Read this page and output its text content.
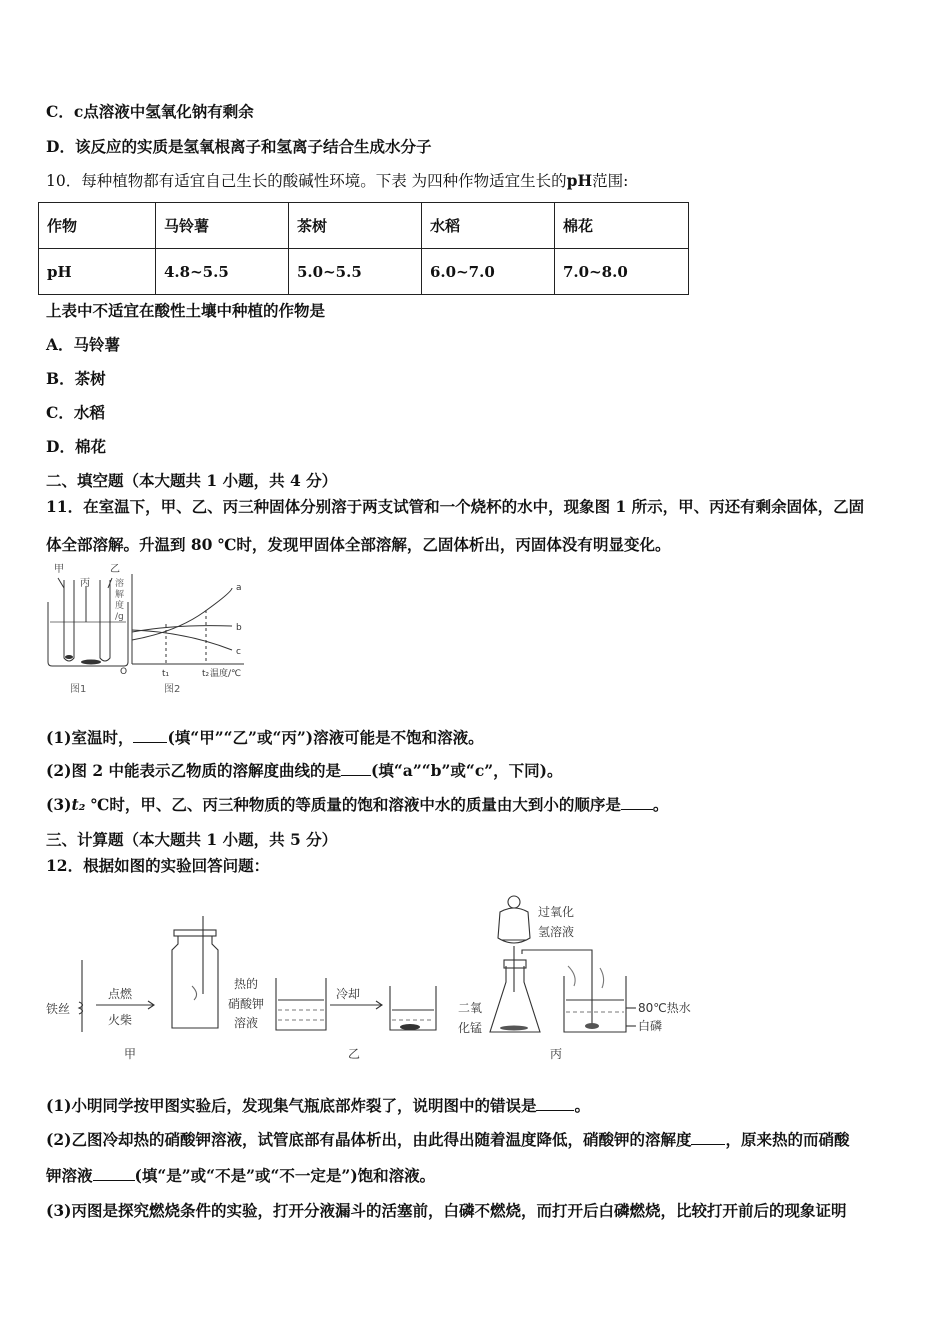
C．c点溶液中氢氧化钠有剩余
D．该反应的实质是氢氧根离子和氢离子结合生成水分子
10．每种植物都有适宜自己生长的酸碱性环境。下表 为四种作物适宜生长的pH范围:
作物	马铃薯	茶树	水稻	棉花
pH	4.8~5.5	5.0~5.5	6.0~7.0	7.0~8.0
上表中不适宜在酸性土壤中种植的作物是
A．马铃薯
B．茶树
C．水稻
D．棉花
二、填空题（本大题共 1 小题，共 4 分）
11．在室温下，甲、乙、丙三种固体分别溶于两支试管和一个烧杯的水中，现象图 1 所示，甲、丙还有剩余固体，乙固
体全部溶解。升温到 80 ℃时，发现甲固体全部溶解，乙固体析出，丙固体没有明显变化。
甲
丙
乙
图1
溶
解
度
/g
a
b
c
O	t₁	t₂ 温度/℃
图2
(1)室温时， (填“甲”“乙”或“丙”)溶液可能是不饱和溶液。
(2)图 2 中能表示乙物质的溶解度曲线的是 (填“a”“b”或“c”，下同)。
(3)t₂ ℃时，甲、乙、丙三种物质的等质量的饱和溶液中水的质量由大到小的顺序是 。
三、计算题（本大题共 1 小题，共 5 分）
12．根据如图的实验回答问题：
铁丝
点燃
火柴
甲
热的
硝酸钾
溶液
冷却
乙
过氧化
氢溶液
二氧
化锰
80℃热水
白磷
丙
(1)小明同学按甲图实验后，发现集气瓶底部炸裂了，说明图中的错误是 。
(2)乙图冷却热的硝酸钾溶液，试管底部有晶体析出，由此得出随着温度降低，硝酸钾的溶解度 ，原来热的而硝酸
钾溶液	(填“是”或“不是”或“不一定是”)饱和溶液。
(3)丙图是探究燃烧条件的实验，打开分液漏斗的活塞前，白磷不燃烧，而打开后白磷燃烧，比较打开前后的现象证明
